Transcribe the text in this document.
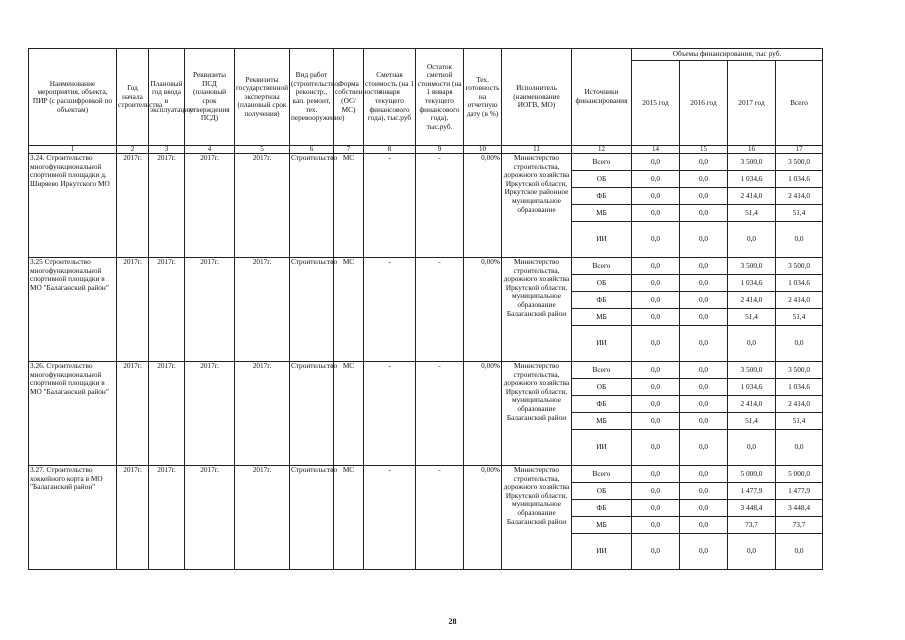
Наименование мероприятия, объекта, ПИР (с расшифровкой по объектам)	Год начала строительства	Плановый год ввода в эксплуатацию	Реквизиты ПСД (плановый срок утверждения ПСД)	Реквизиты государственной экспертизы (плановый срок получения)	Вид работ (строительство, реконстр., кап. ремонт, тех. перевооружение)	Форма собственности (ОС/МС)	Сметная стоимость (на 1 января текущего финансового года), тыс.руб	Остаток сметной стоимости (на 1 января текущего финансового года), тыс.руб.	Тех. готовность на отчетную дату (в %)	Исполнитель (наименование ИОГВ, МО)	Источники финансирования	Объемы финансирования, тыс руб.			
												2015 год	2016 год	2017 год	Всего
1	2	3	4	5	6	7	8	9	10	11	12	14	15	16	17
3.24. Строительство многофункциональной спортивной площадки д. Ширяево Иркутского МО	2017г.	2017г.	2017г.	2017г.	Строительство	МС	-	-	0,00%	Министерство строительства, дорожного хозяйства Иркутской области, Иркутское районное муниципальное образование	Всего	0,0	0,0	3 500,0	3 500,0
											ОБ	0,0	0,0	1 034,6	1 034,6
											ФБ	0,0	0,0	2 414,0	2 414,0
											МБ	0,0	0,0	51,4	51,4
											ИИ	0,0	0,0	0,0	0,0
3.25 Строительство многофункциональной спортивной площадки в МО "Балаганский район"	2017г.	2017г.	2017г.	2017г.	Строительство	МС	-	-	0,00%	Министерство строительства, дорожного хозяйства Иркутской области, муниципальное образование Балаганский район	Всего	0,0	0,0	3 500,0	3 500,0
											ОБ	0,0	0,0	1 034,6	1 034,6
											ФБ	0,0	0,0	2 414,0	2 414,0
											МБ	0,0	0,0	51,4	51,4
											ИИ	0,0	0,0	0,0	0,0
3.26. Строительство многофункциональной спортивной площадки в МО "Балаганский район"	2017г.	2017г.	2017г.	2017г.	Строительство	МС	-	-	0,00%	Министерство строительства, дорожного хозяйства Иркутской области, муниципальное образование Балаганский район	Всего	0,0	0,0	3 500,0	3 500,0
											ОБ	0,0	0,0	1 034,6	1 034,6
											ФБ	0,0	0,0	2 414,0	2 414,0
											МБ	0,0	0,0	51,4	51,4
											ИИ	0,0	0,0	0,0	0,0
3.27. Строительство хоккейного корта в МО "Балаганский район"	2017г.	2017г.	2017г.	2017г.	Строительство	МС	-	-	0,00%	Министерство строительства, дорожного хозяйства Иркутской области, муниципальное образование Балаганский район	Всего	0,0	0,0	5 000,0	5 000,0
											ОБ	0,0	0,0	1 477,9	1 477,9
											ФБ	0,0	0,0	3 448,4	3 448,4
											МБ	0,0	0,0	73,7	73,7
											ИИ	0,0	0,0	0,0	0,0
28
